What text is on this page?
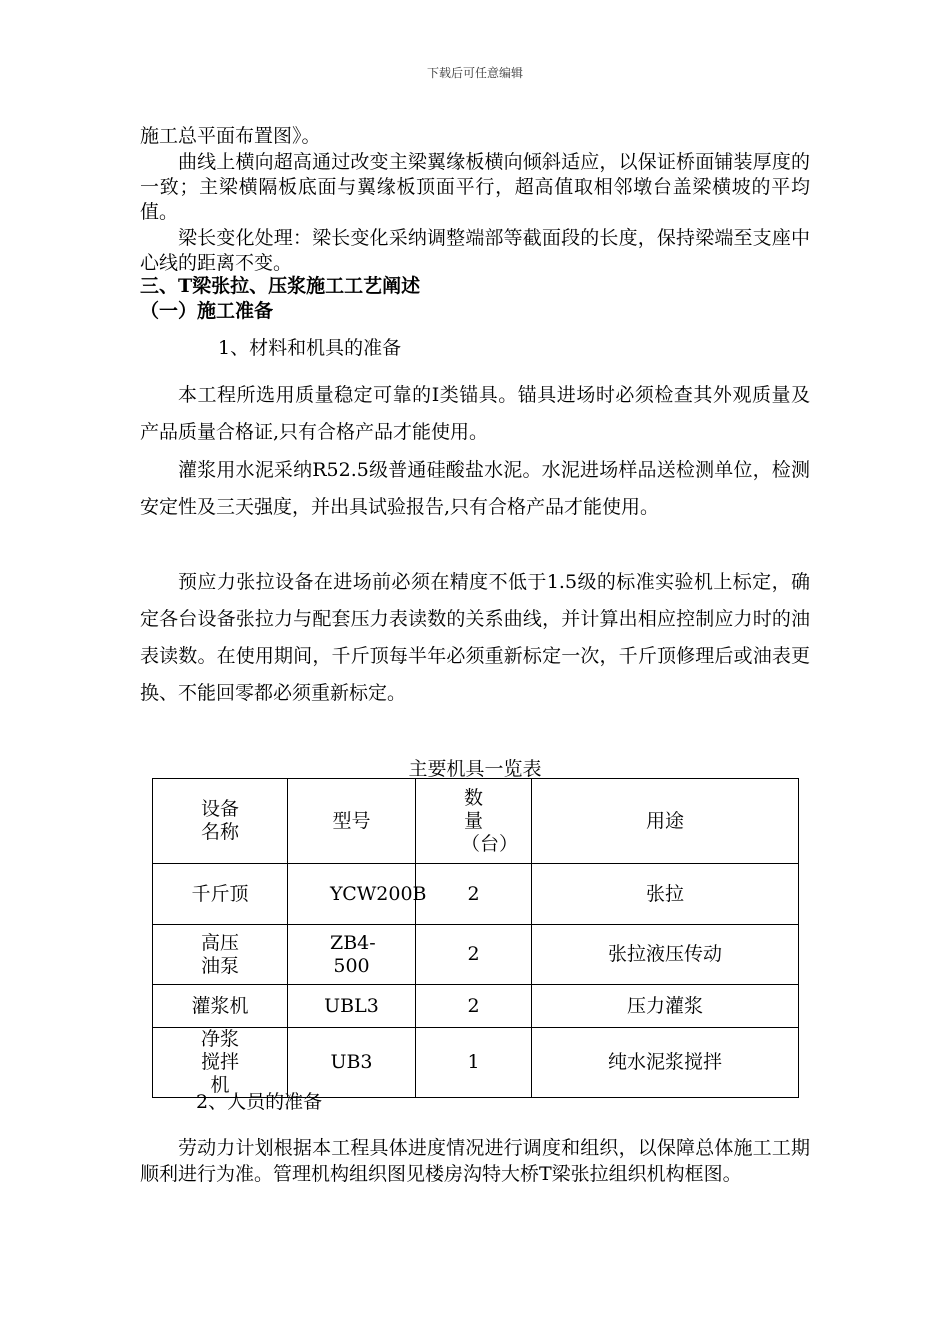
下载后可任意编辑

施工总平面布置图》。

曲线上横向超高通过改变主梁翼缘板横向倾斜适应，以保证桥面铺装厚度的一致；主梁横隔板底面与翼缘板顶面平行，超高值取相邻墩台盖梁横坡的平均值。

梁长变化处理：梁长变化采纳调整端部等截面段的长度，保持梁端至支座中心线的距离不变。

三、T梁张拉、压浆施工工艺阐述

（一）施工准备

1、材料和机具的准备

本工程所选用质量稳定可靠的I类锚具。锚具进场时必须检查其外观质量及产品质量合格证,只有合格产品才能使用。

灌浆用水泥采纳R52.5级普通硅酸盐水泥。水泥进场样品送检测单位，检测安定性及三天强度，并出具试验报告,只有合格产品才能使用。

预应力张拉设备在进场前必须在精度不低于1.5级的标准实验机上标定，确定各台设备张拉力与配套压力表读数的关系曲线，并计算出相应控制应力时的油表读数。在使用期间，千斤顶每半年必须重新标定一次，千斤顶修理后或油表更换、不能回零都必须重新标定。

主要机具一览表
设备名称	型号	数量（台）	用途
千斤顶	YCW200B	2	张拉
高压油泵	ZB4-500	2	张拉液压传动
灌浆机	UBL3	2	压力灌浆
净浆搅拌机	UB3	1	纯水泥浆搅拌

2、人员的准备

劳动力计划根据本工程具体进度情况进行调度和组织，以保障总体施工工期顺利进行为准。管理机构组织图见楼房沟特大桥T梁张拉组织机构框图。
